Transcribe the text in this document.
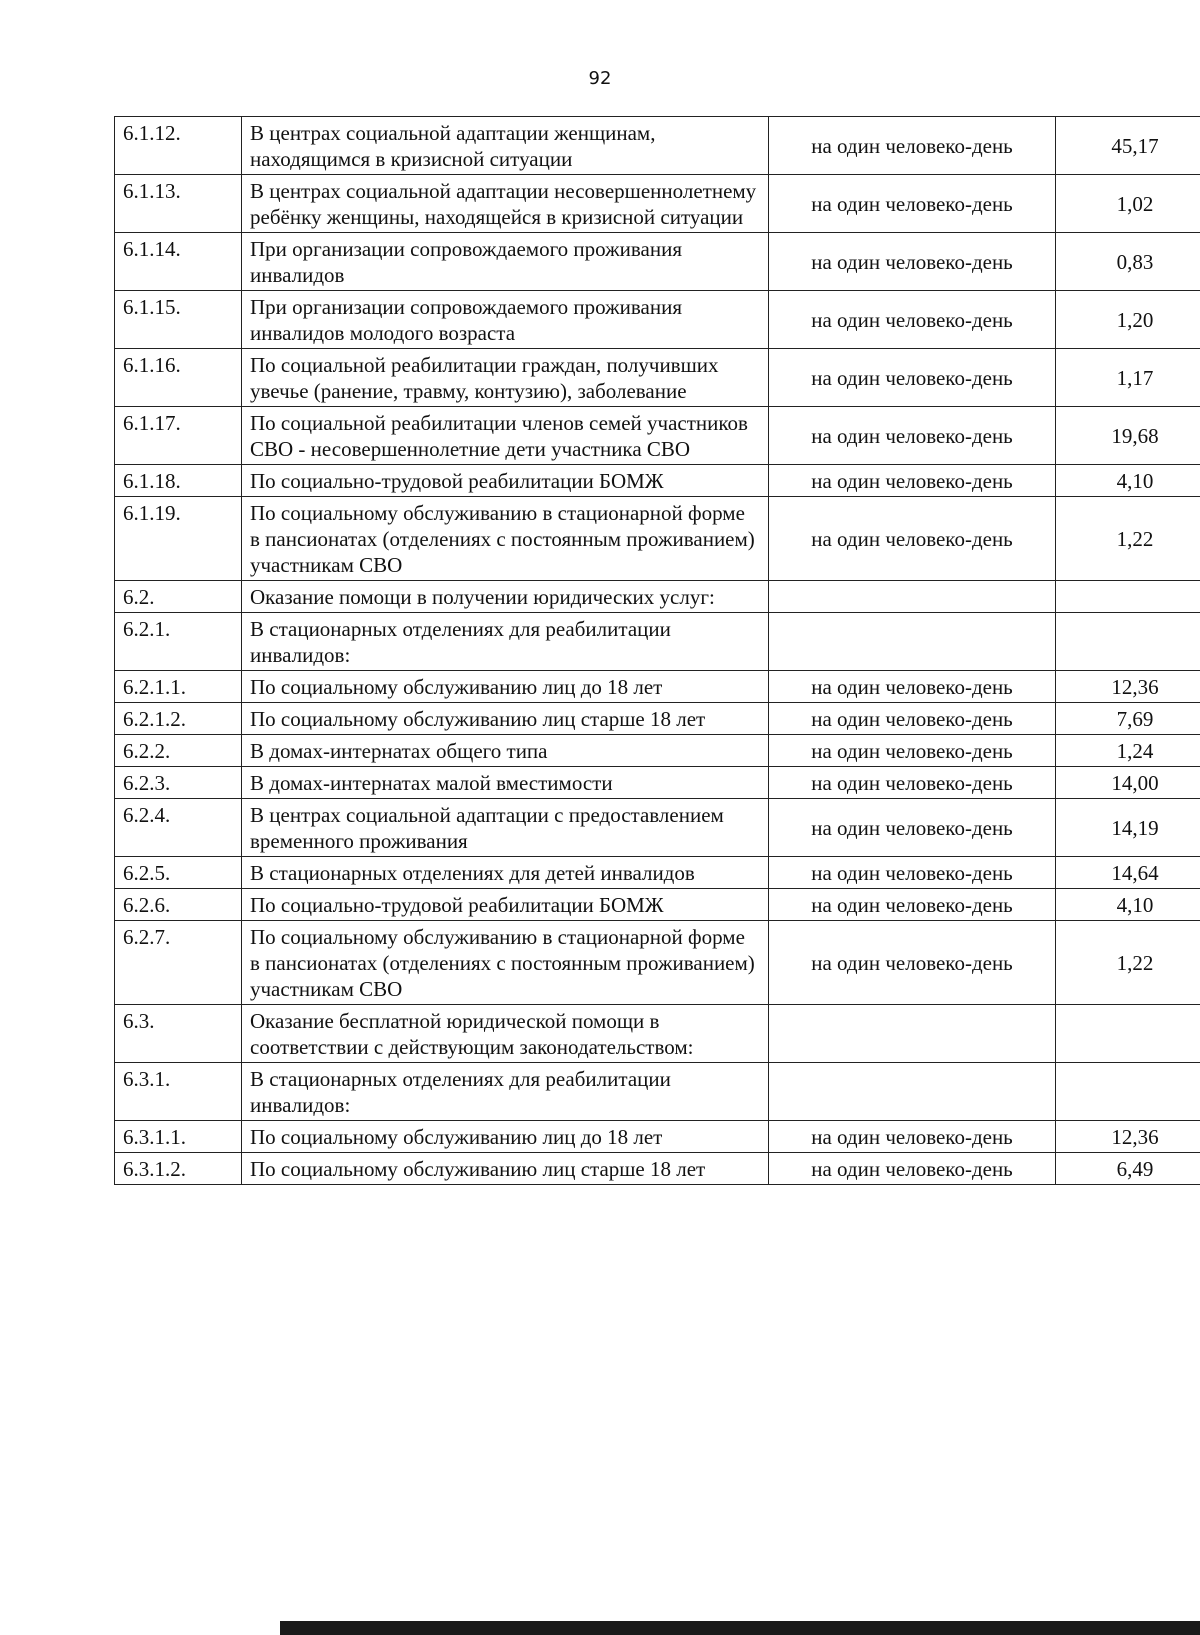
92
6.1.12.	В центрах социальной адаптации женщинам, находящимся в кризисной ситуации	на один человеко-день	45,17
6.1.13.	В центрах социальной адаптации несовершеннолетнему ребёнку женщины, находящейся в кризисной ситуации	на один человеко-день	1,02
6.1.14.	При организации сопровождаемого проживания инвалидов	на один человеко-день	0,83
6.1.15.	При организации сопровождаемого проживания инвалидов молодого возраста	на один человеко-день	1,20
6.1.16.	По социальной реабилитации граждан, получивших увечье (ранение, травму, контузию), заболевание	на один человеко-день	1,17
6.1.17.	По социальной реабилитации членов семей участников СВО - несовершеннолетние дети участника СВО	на один человеко-день	19,68
6.1.18.	По социально-трудовой реабилитации БОМЖ	на один человеко-день	4,10
6.1.19.	По социальному обслуживанию в стационарной форме в пансионатах (отделениях с постоянным проживанием) участникам СВО	на один человеко-день	1,22
6.2.	Оказание помощи в получении юридических услуг:		
6.2.1.	В стационарных отделениях для реабилитации инвалидов:		
6.2.1.1.	По социальному обслуживанию лиц до 18 лет	на один человеко-день	12,36
6.2.1.2.	По социальному обслуживанию лиц старше 18 лет	на один человеко-день	7,69
6.2.2.	В домах-интернатах общего типа	на один человеко-день	1,24
6.2.3.	В домах-интернатах малой вместимости	на один человеко-день	14,00
6.2.4.	В центрах социальной адаптации с предоставлением временного проживания	на один человеко-день	14,19
6.2.5.	В стационарных отделениях для детей инвалидов	на один человеко-день	14,64
6.2.6.	По социально-трудовой реабилитации БОМЖ	на один человеко-день	4,10
6.2.7.	По социальному обслуживанию в стационарной форме в пансионатах (отделениях с постоянным проживанием) участникам СВО	на один человеко-день	1,22
6.3.	Оказание бесплатной юридической помощи в соответствии с действующим законодательством:		
6.3.1.	В стационарных отделениях для реабилитации инвалидов:		
6.3.1.1.	По социальному обслуживанию лиц до 18 лет	на один человеко-день	12,36
6.3.1.2.	По социальному обслуживанию лиц старше 18 лет	на один человеко-день	6,49
